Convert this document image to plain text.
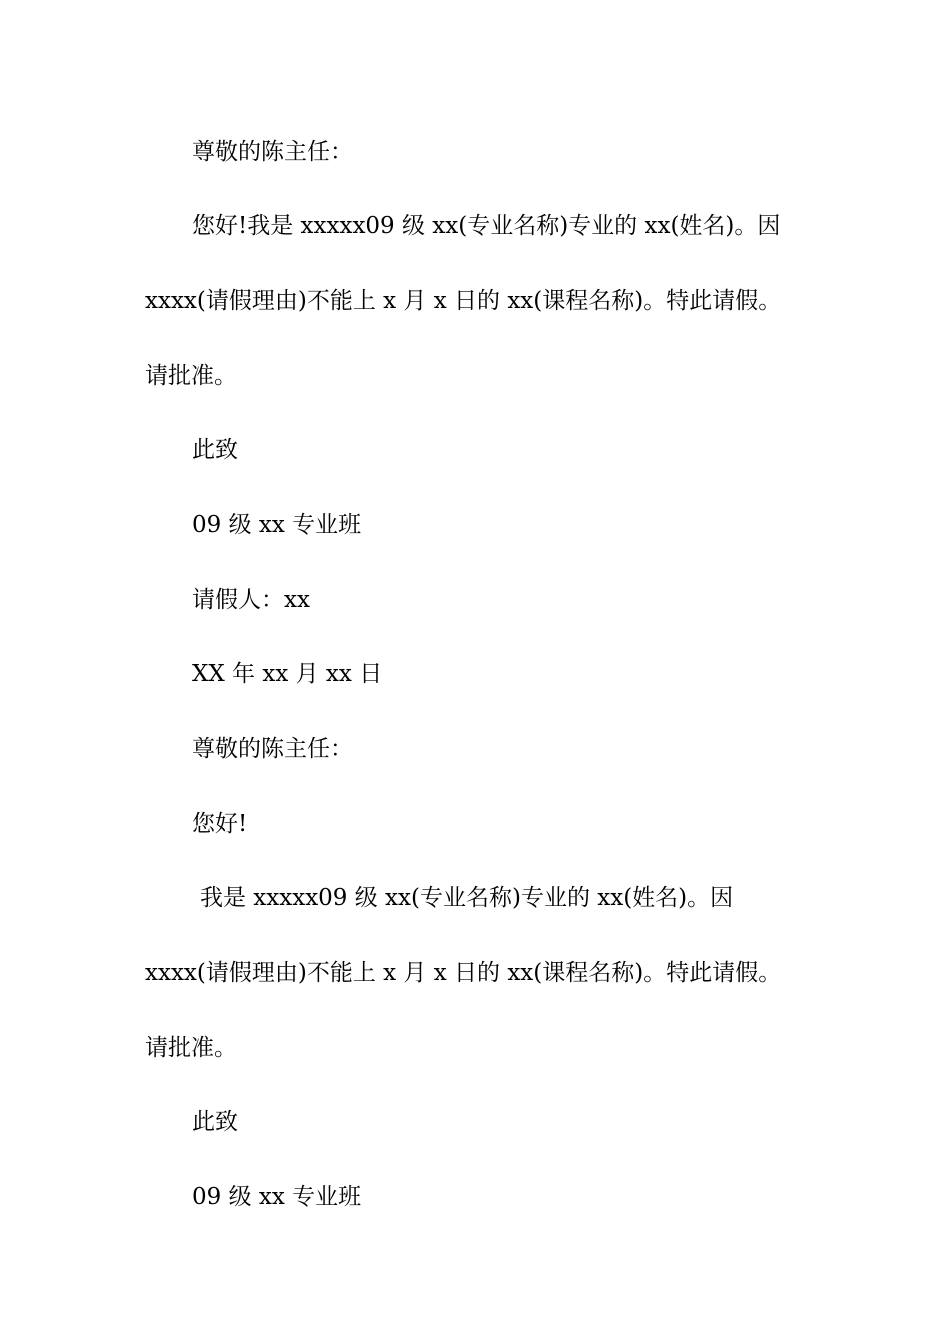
尊敬的陈主任：
您好!我是 xxxxx09 级 xx(专业名称)专业的 xx(姓名)。因
xxxx(请假理由)不能上 x 月 x 日的 xx(课程名称)。特此请假。
请批准。
此致
09 级 xx 专业班
请假人：xx
XX 年 xx 月 xx 日
尊敬的陈主任：
您好!
我是 xxxxx09 级 xx(专业名称)专业的 xx(姓名)。因
xxxx(请假理由)不能上 x 月 x 日的 xx(课程名称)。特此请假。
请批准。
此致
09 级 xx 专业班
